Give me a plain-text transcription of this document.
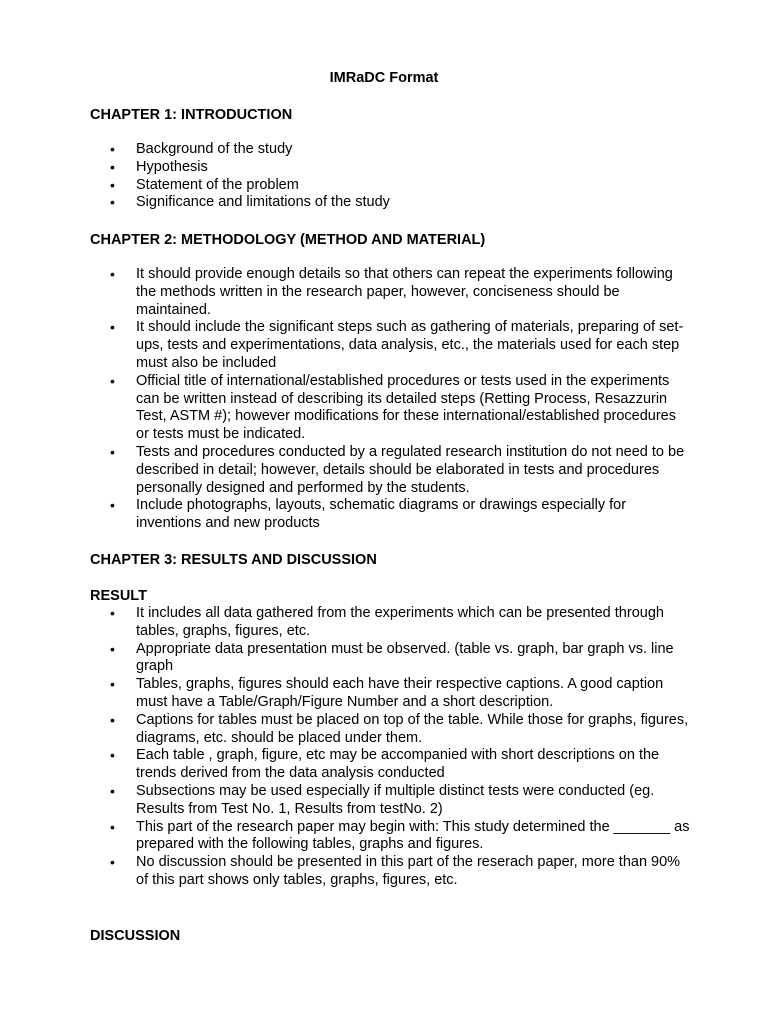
IMRaDC Format
CHAPTER 1: INTRODUCTION
• Background of the study
• Hypothesis
• Statement of the problem
• Significance and limitations of the study
CHAPTER 2: METHODOLOGY (METHOD AND MATERIAL)
• It should provide enough details so that others can repeat the experiments following the methods written in the research paper, however, conciseness should be maintained.
• It should include the significant steps such as gathering of materials, preparing of set-ups, tests and experimentations, data analysis, etc., the materials used for each step must also be included
• Official title of international/established procedures or tests used in the experiments can be written instead of describing its detailed steps (Retting Process, Resazzurin Test, ASTM #); however modifications for these international/established procedures or tests must be indicated.
• Tests and procedures conducted by a regulated research institution do not need to be described in detail; however, details should be elaborated in tests and procedures personally designed and performed by the students.
• Include photographs, layouts, schematic diagrams or drawings especially for inventions and new products
CHAPTER 3: RESULTS AND DISCUSSION
RESULT
• It includes all data gathered from the experiments which can be presented through tables, graphs, figures, etc.
• Appropriate data presentation must be observed. (table vs. graph, bar graph vs. line graph
• Tables, graphs, figures should each have their respective captions. A good caption must have a Table/Graph/Figure Number and a short description.
• Captions for tables must be placed on top of the table. While those for graphs, figures, diagrams, etc. should be placed under them.
• Each table , graph, figure, etc may be accompanied with short descriptions on the trends derived from the data analysis conducted
• Subsections may be used especially if multiple distinct tests were conducted (eg. Results from Test No. 1, Results from testNo. 2)
• This part of the research paper may begin with: This study determined the _______ as prepared with the following tables, graphs and figures.
• No discussion should be presented in this part of the reserach paper, more than 90% of this part shows only tables, graphs, figures, etc.
DISCUSSION
